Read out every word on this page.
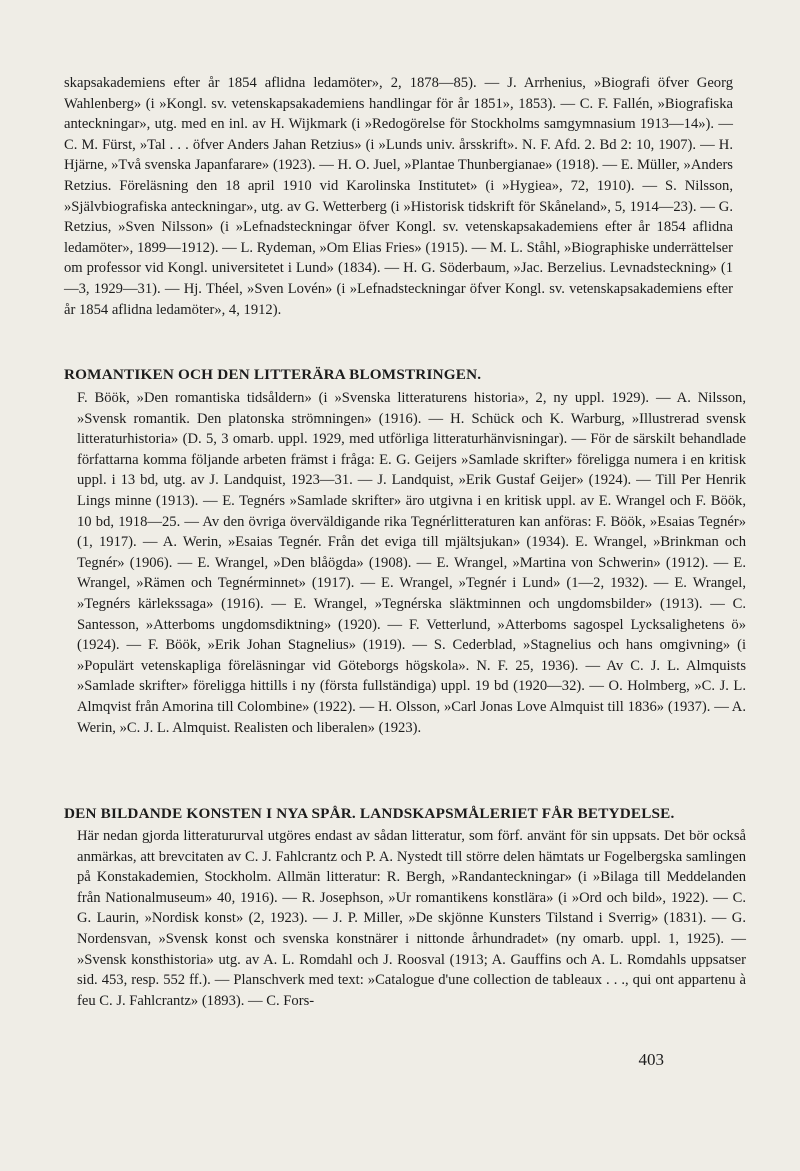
skapsakademiens efter år 1854 aflidna ledamöter», 2, 1878—85). — J. Arrhenius, »Biografi öfver Georg Wahlenberg» (i »Kongl. sv. vetenskapsakademiens handlingar för år 1851», 1853). — C. F. Fallén, »Biografiska anteckningar», utg. med en inl. av H. Wijkmark (i »Redogörelse för Stockholms samgymnasium 1913—14»). — C. M. Fürst, »Tal . . . öfver Anders Jahan Retzius» (i »Lunds univ. årsskrift». N. F. Afd. 2. Bd 2: 10, 1907). — H. Hjärne, »Två svenska Japanfarare» (1923). — H. O. Juel, »Plantae Thunbergianae» (1918). — E. Müller, »Anders Retzius. Föreläsning den 18 april 1910 vid Karolinska Institutet» (i »Hygiea», 72, 1910). — S. Nilsson, »Självbiografiska anteckningar», utg. av G. Wetterberg (i »Historisk tidskrift för Skåneland», 5, 1914—23). — G. Retzius, »Sven Nilsson» (i »Lefnadsteckningar öfver Kongl. sv. vetenskapsakademiens efter år 1854 aflidna ledamöter», 1899—1912). — L. Rydeman, »Om Elias Fries» (1915). — M. L. Ståhl, »Biographiske underrättelser om professor vid Kongl. universitetet i Lund» (1834). — H. G. Söderbaum, »Jac. Berzelius. Levnadsteckning» (1—3, 1929—31). — Hj. Théel, »Sven Lovén» (i »Lefnadsteckningar öfver Kongl. sv. vetenskapsakademiens efter år 1854 aflidna ledamöter», 4, 1912).

ROMANTIKEN OCH DEN LITTERÄRA BLOMSTRINGEN.

F. Böök, »Den romantiska tidsåldern» (i »Svenska litteraturens historia», 2, ny uppl. 1929). — A. Nilsson, »Svensk romantik. Den platonska strömningen» (1916). — H. Schück och K. Warburg, »Illustrerad svensk litteraturhistoria» (D. 5, 3 omarb. uppl. 1929, med utförliga litteraturhänvisningar). — För de särskilt behandlade författarna komma följande arbeten främst i fråga: E. G. Geijers »Samlade skrifter» föreligga numera i en kritisk uppl. i 13 bd, utg. av J. Landquist, 1923—31. — J. Landquist, »Erik Gustaf Geijer» (1924). — Till Per Henrik Lings minne (1913). — E. Tegnérs »Samlade skrifter» äro utgivna i en kritisk uppl. av E. Wrangel och F. Böök, 10 bd, 1918—25. — Av den övriga överväldigande rika Tegnérlitteraturen kan anföras: F. Böök, »Esaias Tegnér» (1, 1917). — A. Werin, »Esaias Tegnér. Från det eviga till mjältsjukan» (1934). E. Wrangel, »Brinkman och Tegnér» (1906). — E. Wrangel, »Den blåögda» (1908). — E. Wrangel, »Martina von Schwerin» (1912). — E. Wrangel, »Rämen och Tegnérminnet» (1917). — E. Wrangel, »Tegnér i Lund» (1—2, 1932). — E. Wrangel, »Tegnérs kärlekssaga» (1916). — E. Wrangel, »Tegnérska släktminnen och ungdomsbilder» (1913). — C. Santesson, »Atterboms ungdomsdiktning» (1920). — F. Vetterlund, »Atterboms sagospel Lycksalighetens ö» (1924). — F. Böök, »Erik Johan Stagnelius» (1919). — S. Cederblad, »Stagnelius och hans omgivning» (i »Populärt vetenskapliga föreläsningar vid Göteborgs högskola». N. F. 25, 1936). — Av C. J. L. Almquists »Samlade skrifter» föreligga hittills i ny (första fullständiga) uppl. 19 bd (1920—32). — O. Holmberg, »C. J. L. Almqvist från Amorina till Colombine» (1922). — H. Olsson, »Carl Jonas Love Almquist till 1836» (1937). — A. Werin, »C. J. L. Almquist. Realisten och liberalen» (1923).

DEN BILDANDE KONSTEN I NYA SPÅR. LANDSKAPSMÅLERIET FÅR BETYDELSE.

Här nedan gjorda litteratururval utgöres endast av sådan litteratur, som förf. använt för sin uppsats. Det bör också anmärkas, att brevcitaten av C. J. Fahlcrantz och P. A. Nystedt till större delen hämtats ur Fogelbergska samlingen på Konstakademien, Stockholm. Allmän litteratur: R. Bergh, »Randanteckningar» (i »Bilaga till Meddelanden från Nationalmuseum» 40, 1916). — R. Josephson, »Ur romantikens konstlära» (i »Ord och bild», 1922). — C. G. Laurin, »Nordisk konst» (2, 1923). — J. P. Miller, »De skjönne Kunsters Tilstand i Sverrig» (1831). — G. Nordensvan, »Svensk konst och svenska konstnärer i nittonde århundradet» (ny omarb. uppl. 1, 1925). — »Svensk konsthistoria» utg. av A. L. Romdahl och J. Roosval (1913; A. Gauffins och A. L. Romdahls uppsatser sid. 453, resp. 552 ff.). — Planschverk med text: »Catalogue d'une collection de tableaux . . ., qui ont appartenu à feu C. J. Fahlcrantz» (1893). — C. Fors-

403
